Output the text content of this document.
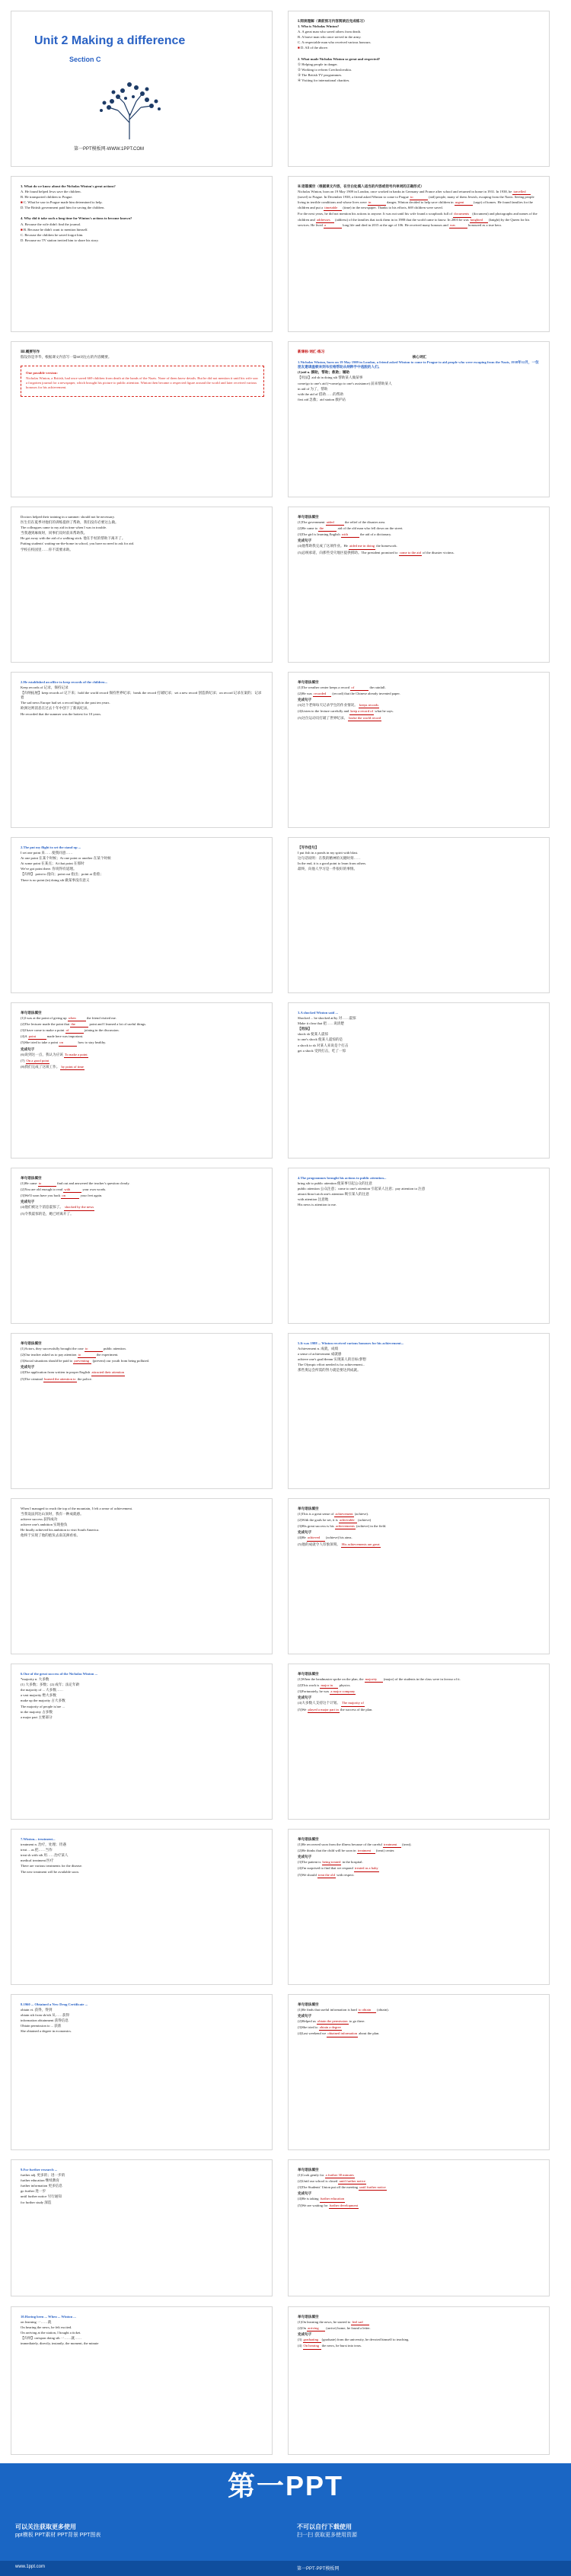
Unit 2 Making a difference
Section C
第一PPT模板网-WWW.1PPT.COM

Ⅰ.阅读理解（课前预习内容阅读后完成练习）

1. Who is Nicholas Winton?

A. A great man who saved others from death.

B. A brave man who once served in the army.

C. A respectable man who received various honours.

■ D. All of the above.

2. What made Nicholas Winton so great and respected?

① Helping people in danger.

② Working to reform Czechoslovakia.

③ The British TV programmes.

④ Visiting for international charities.

3. What do we know about the Nicholas Winton's great actions?

A. He found helped Jews save the children.

B. He transported children to Prague.

■ C. What he saw in Prague made him determined to help.

D. The British government paid him for saving the children.

4. Why did it take such a long time for Winton's actions to become known?

A. Because the wife didn't find the journal.

■ B. Because he didn't want to mention himself.

C. Because the children he saved forgot him.

D. Because no TV station invited him to share his story.

Ⅱ.语篇填空（根据课文内容，在空白处填入适当的内容或括号内单词的正确形式）

Nicholas Winton, born on 19 May 1909 in London, once worked in banks in Germany and France after school and returned in home in 1931. In 1938, he travelled (travel) to Prague. In December 1938, a friend asked Winton to come to Prague to	(aid) people, many of them Jewish, escaping from the Nazis. Seeing people living in terrible conditions and whose lives were in	danger, Winton decided to help save children in urgent	(urge) of homes. He found families for the children and put a timetable (time) in the newspaper. Thanks to his efforts, 669 children were saved.

For the next years, he did not mention his actions to anyone. It was not until his wife found a scrapbook full of documents (document) and photographs and names of the children and addresses (address) of the families that took them in in 1988 that the world came to know. In 2003 he was knighted (knight) by the Queen for his services. He lived a	long life and died in 2015 at the age of 106. He received many honours and was	honoured as a true hero.

Ⅲ.概要写作

假设你是李华，根据课文内容写一篇60词左右的内容概要。

One possible version:

Nicholas Winton, a British, had once saved 669 children from death at the hands of the Nazis. None of them knew details. But he did not mention it until his wife saw a forgotten journal for a newspaper, which brought his picture to public attention. Winton then became a respected figure around the world and later received various honours for his achievement.

新课标·词汇·练习

核心词汇

1.Nicholas Winton, born on 19 May 1909 in London, a friend asked Winton to come to Prague to aid people who were escaping from the Nazis, 1938年12月，一位朋友邀请温顿来到布拉格帮助从纳粹手中逃脱的人们。

(1)aid n. 援助，帮助；救助；辅助

【用法】aid sb in doing sth 帮助某人做某事

come/go to one's aid (=come/go to one's assistance) 前来帮助某人

in aid of 为了，帮助

with the aid of 借助……的帮助

first aid 急救；aid station 救护站

Doctors helped their training in a summer: should not be necessary.

医生们在夏季对他们的训练提供了帮助，我们没有必要这么做。

The colleagues came to my aid in time when I was in trouble.

当我遇到麻烦时，同事们及时前来帮助我。

He got away with the aid of a walking stick. 他在手杖的帮助下离开了。

Putting students' waiting-on-the-home in school, you have no need to ask for aid.

学校在校园里……你不需要求助。

单句语法填空

(1)The government aided	the relief of the disaster area.

(2)He came to the	aid of the old man who fell down on the street.

(3)The girl is learning English with	the aid of a dictionary.

完成句子

(4)他帮助我完成了这项作业。He aided me in doing the homework.

(5)总统承诺，向那些受灾地区提供援助。The president promised to come to the aid of the disaster victims.

2.He established an office to keep records of the children...

Keep records of 记录，保持记录

【归纳拓展】keep records of 记下来；hold the world record 保持世界纪录；break the record 打破纪录；set a new record 创造新纪录；on record 记录在案的；记录着

The sad news Europe had set a record high in the past ten years.

欧洲这则消息在过去十年中创下了新高纪录。

He recorded that the summer was the hottest for 10 years.

单句语法填空

(1)The weather center keeps a record of	the rainfall.

(2)He was recorded (record) that the Chinese already invented paper.

完成句子

(3)这个老师每天记录学生的作业情况。 keeps records

(4)Listen to the lecture carefully and keep a record of what he says.

(5)这位运动员打破了世界纪录。 broke the world record

2.The put my flight to set the stand up ...

I set one point 来……使我同意……

At one point 在某个时候；At one point or another 在某个时候

At some point 在某点；At that point 在那时

We've got point there. 你说得有道理。

【归纳】 point to 指向；point out 指出；point at 指着；

There is no point (in) doing sth 做某事没有意义

【写作佳句】

I put fish in a ponds in my spirit with blast.

这句话说明：在我的精神的关键时刻……

In the end, it is a good point to learn from others.

最终，向他人学习是一件很好的事情。

单句语法填空

(1)I was at the point of giving up when	the friend visited me.

(2)The lecturer made the point that the	point and I learned a lot of useful things.

(3)I have come to make a point of	joining in the discussion.

(4)A point	made here was important.

(5)She tried to take a point on	how to stay healthy.

完成句子

(6)说到这一点，我认为应该 To make a point

(7) On a good point

(8)我们完成了这项工作。 by point of time

3.A shocked Winton said ...

Shocked ... be shocked at/by 对……震惊

Make it clear that 把……说清楚

【用法】

shock sb 使某人震惊

to one's shock 使某人震惊的是

a shock to sb 对某人来说是个打击

get a shock 受到打击，吃了一惊

单句语法填空

(1)He came to	find out and answered the teacher's question clearly.

(2)You are old enough to read with	your own words.

(3)We'll soon have you back on	your feet again.

完成句子

(4)他们被这个消息震惊了。 shocked by the news

(5)令我震惊的是，她已经离开了。

4.The programmes brought his actions to public attention...

bring sth to public attention 使某事引起公众的注意

public attention 公众注意；come to one's attention 引起某人注意；pay attention to 注意

attract/draw/catch one's attention 吸引某人的注意

with attention 注意地

His news is attention to me.

单句语法填空

(1)Actors, they successfully brought the case to	public attention.

(2)Our teacher asked us to pay attention to	the experiment.

(3)Social situations should be paid to preventing (prevent) our youth from being polluted.

完成句子

(4)The application from written in proper English attracted their attention

(5)The criminal burned the attention to the police.

5.It was 1988 ... Winton received various honours for his achievement...

Achievement n. 成就，成绩

a sense of achievement 成就感

achieve one's goal/dream 实现某人的目标/梦想

The Olympic effort needed is for achievement...

那些奥运会所需的努力就是要达到成就。

When I managed to reach the top of the mountain, I felt a sense of achievement.

当我设法到达山顶时，我有一种成就感。

achieve success 获得成功

achieve one's ambition 实现抱负

He finally achieved his ambition to visit South America.

他终于实现了他的抱负去南美洲看看。

单句语法填空

(1)This is a great sense of achievement (achieve).

(2)With the goals he set, it is achievable (achieve)

(3)His great success is his achievements (achieve) in the field.

完成句子

(4)He achieved (achieve) his aims.

(5)他的成就令人印象深刻。 His achievements are great

6.One of the great success of the Nicholas Winton ...

*majority n. 大多数

(1) 大多数；多数；(2) 成年；法定年龄

the majority of ... 大多数……

a vast majority 绝大多数

make up the majority 占大多数

The majority of people is/are ...

in the majority 占多数

a major part 主要部分

单句语法填空

(1)When the headmaster spoke on the plan, the majority (major) of the students in the class were in favour of it.

(2)This work is major in physics.

(3)Fortunately, he was a major company

完成句子

(4)大多数人支持这个计划。 The majority of

(5)We played a major part in the success of the plan.

7.Winton... treatment...

treatment n. 治疗，处理；待遇

treat ... as 把……当作

treat sb with sth 用……治疗某人

medical treatment 医疗

There are various treatments for the disease.

The new treatment will be available soon.

单句语法填空

(1)He recovered soon from the illness because of the careful treatment (treat).

(2)He thinks that the child will be soon in treatment (treat) center.

完成句子

(3)The patient is being treated in the hospital.

(4)I'm surprised to find that we respond treated as a baby

(5)We should treat the old with respect.

8.1960 ... Obtained a New Drug Certificate ...

obtain vt. 获得，得到

obtain sth from sb/sth 从……获得

information obtainment 获得信息

Obtain permission to ... 获准

She obtained a degree in economics.

单句语法填空

(1)He finds that useful information is hard to obtain (obtain).

完成句子

(2)Helped us obtain the permission to go there.

(3)She tried to obtain a degree

(4)Last weekend we obtained information about the plan.

9.For further research ...

further adj. 更多的；进一步的

further education 继续教育

further information 更多信息

go further 进一步

until further notice 另行通知

for further study 深造

单句语法填空

(1)Cook gently for a further 30 minutes

(2)Until our school is closed until further notice

(3)The Students' Union put off the meeting until further notice

完成句子

(4)He is taking further education

(5)We are waiting for further development

10.Having been ... When ... Winton ...

on learning 一……就

On hearing the news, he felt excited.

On arriving at the station, I bought a ticket.

【归纳】on/upon doing sth 一……就……

immediately, directly, instantly, the moment, the minute

单句语法填空

(1)On learning the news, he started to feel sad

(2)On arriving (arrive) home, he found a letter.

完成句子

(3) graduating (graduate) from the university, he devoted himself to teaching.

(4) On hearing the news, he burst into tears.

第一PPT
可以关注获取更多使用
ppt模板 PPT素材 PPT背景 PPT图表
不可以自行下载使用
扫一扫 获取更多使用资源
www.1ppt.com	第一PPT·PPT模板网
